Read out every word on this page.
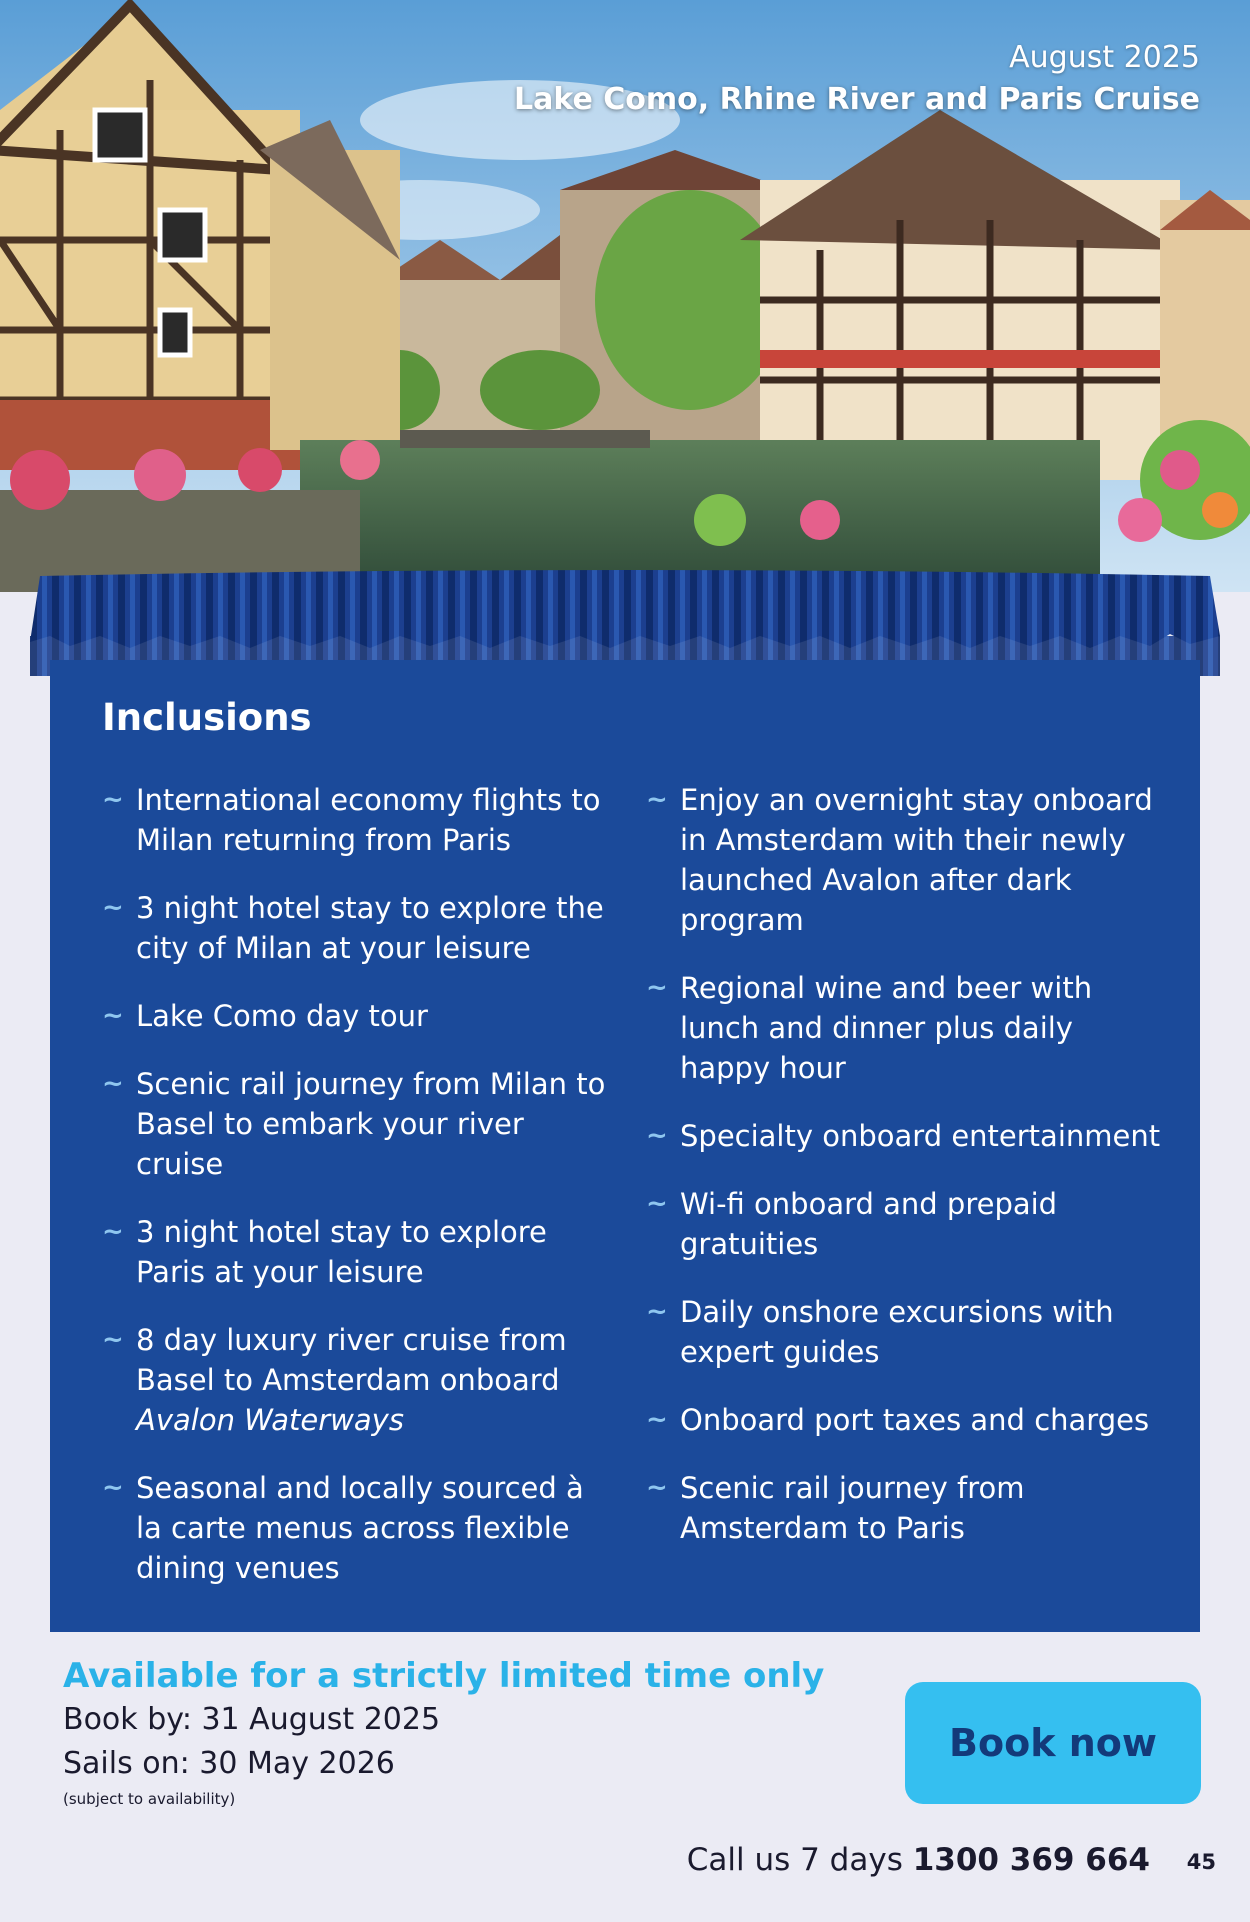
August 2025
Lake Como, Rhine River and Paris Cruise
Inclusions
~ International economy flights to Milan returning from Paris
~ 3 night hotel stay to explore the city of Milan at your leisure
~ Lake Como day tour
~ Scenic rail journey from Milan to Basel to embark your river cruise
~ 3 night hotel stay to explore Paris at your leisure
~ 8 day luxury river cruise from Basel to Amsterdam onboard Avalon Waterways
~ Seasonal and locally sourced à la carte menus across flexible dining venues
~ Enjoy an overnight stay onboard in Amsterdam with their newly launched Avalon after dark program
~ Regional wine and beer with lunch and dinner plus daily happy hour
~ Specialty onboard entertainment
~ Wi-fi onboard and prepaid gratuities
~ Daily onshore excursions with expert guides
~ Onboard port taxes and charges
~ Scenic rail journey from Amsterdam to Paris
Available for a strictly limited time only
Book by: 31 August 2025
Sails on: 30 May 2026
(subject to availability)
Book now
Call us 7 days 1300 369 664 45
